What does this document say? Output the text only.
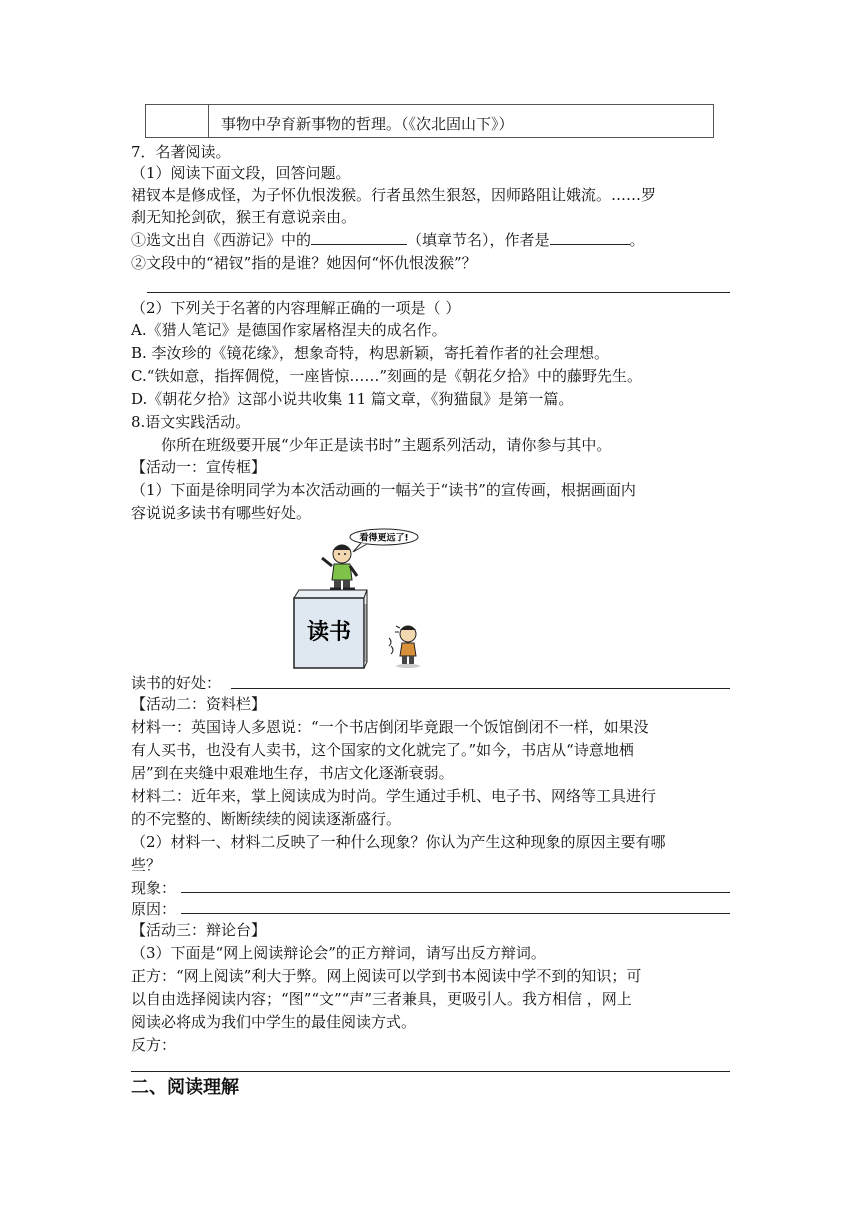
事物中孕育新事物的哲理。（《次北固山下》）
7．名著阅读。
（1）阅读下面文段，回答问题。
裙钗本是修成怪，为子怀仇恨泼猴。行者虽然生狠怒，因师路阻让娥流。……罗
刹无知抡剑砍，猴王有意说亲由。
①选文出自《西游记》中的	（填章节名），作者是	。
②文段中的“裙钗”指的是谁？她因何“怀仇恨泼猴”？
（2）下列关于名著的内容理解正确的一项是（ ）
A.《猎人笔记》是德国作家屠格涅夫的成名作。
B. 李汝珍的《镜花缘》，想象奇特，构思新颖，寄托着作者的社会理想。
C.“铁如意，指挥倜傥，一座皆惊……”刻画的是《朝花夕拾》中的藤野先生。
D.《朝花夕拾》这部小说共收集 11 篇文章，《狗猫鼠》是第一篇。
8.语文实践活动。
你所在班级要开展“少年正是读书时”主题系列活动，请你参与其中。
【活动一：宣传框】
（1）下面是徐明同学为本次活动画的一幅关于“读书”的宣传画，根据画面内
容说说多读书有哪些好处。
读书的好处：
【活动二：资料栏】
材料一：英国诗人多恩说：“一个书店倒闭毕竟跟一个饭馆倒闭不一样，如果没
有人买书，也没有人卖书，这个国家的文化就完了。”如今，书店从“诗意地栖
居”到在夹缝中艰难地生存，书店文化逐渐衰弱。
材料二：近年来，掌上阅读成为时尚。学生通过手机、电子书、网络等工具进行
的不完整的、断断续续的阅读逐渐盛行。
（2）材料一、材料二反映了一种什么现象？你认为产生这种现象的原因主要有哪
些？
现象：
原因：
【活动三：辩论台】
（3）下面是“网上阅读辩论会”的正方辩词，请写出反方辩词。
正方：“网上阅读”利大于弊。网上阅读可以学到书本阅读中学不到的知识；可
以自由选择阅读内容；“图”“文”“声”三者兼具，更吸引人。我方相信 ，网上
阅读必将成为我们中学生的最佳阅读方式。
反方：
二、阅读理解
看得更远了!
读书
